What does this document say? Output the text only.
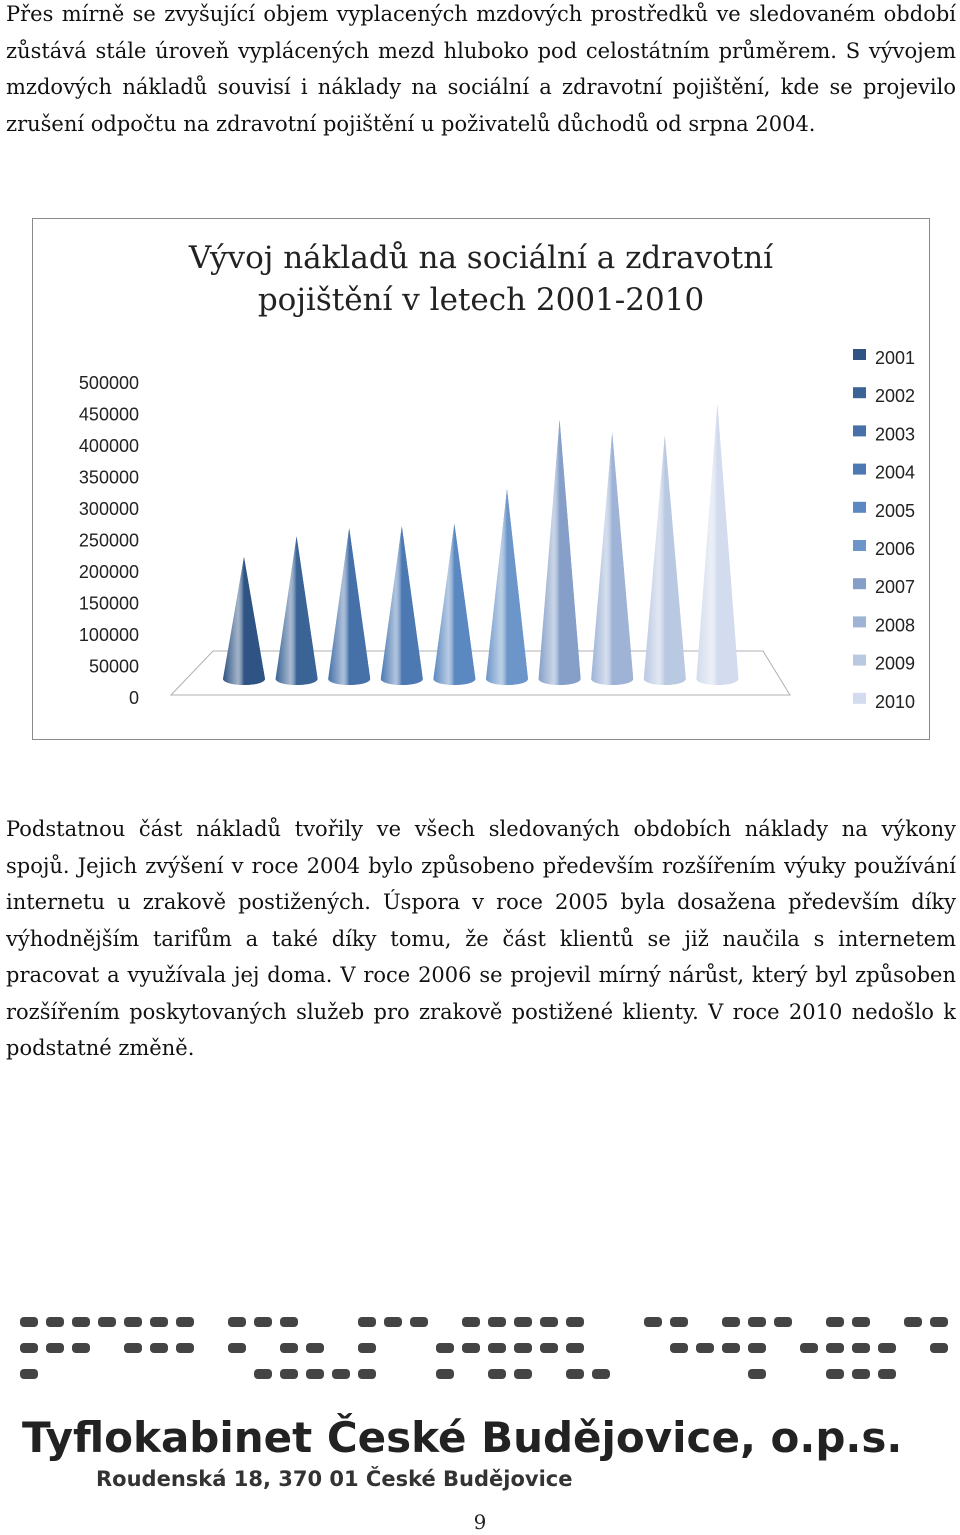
Přes mírně se zvyšující objem vyplacených mzdových prostředků ve sledovaném období zůstává stále úroveň vyplácených mezd hluboko pod celostátním průměrem. S vývojem mzdových nákladů souvisí i náklady na sociální a zdravotní pojištění, kde se projevilo zrušení odpočtu na zdravotní pojištění u poživatelů důchodů od srpna 2004.

Vývoj nákladů na sociální a zdravotní
pojištění v letech 2001-2010
500000
450000
400000
350000
300000
250000
200000
150000
100000
50000
0
2001
2002
2003
2004
2005
2006
2007
2008
2009
2010

Podstatnou část nákladů tvořily ve všech sledovaných obdobích náklady na výkony spojů. Jejich zvýšení v roce 2004 bylo způsobeno především rozšířením výuky používání internetu u zrakově postižených. Úspora v roce 2005 byla dosažena především díky výhodnějším tarifům a také díky tomu, že část klientů se již naučila s internetem pracovat a využívala jej doma. V roce 2006 se projevil mírný nárůst, který byl způsoben rozšířením poskytovaných služeb pro zrakově postižené klienty. V roce 2010 nedošlo k podstatné změně.

Tyflokabinet České Budějovice, o.p.s.
Roudenská 18, 370 01 České Budějovice
9
